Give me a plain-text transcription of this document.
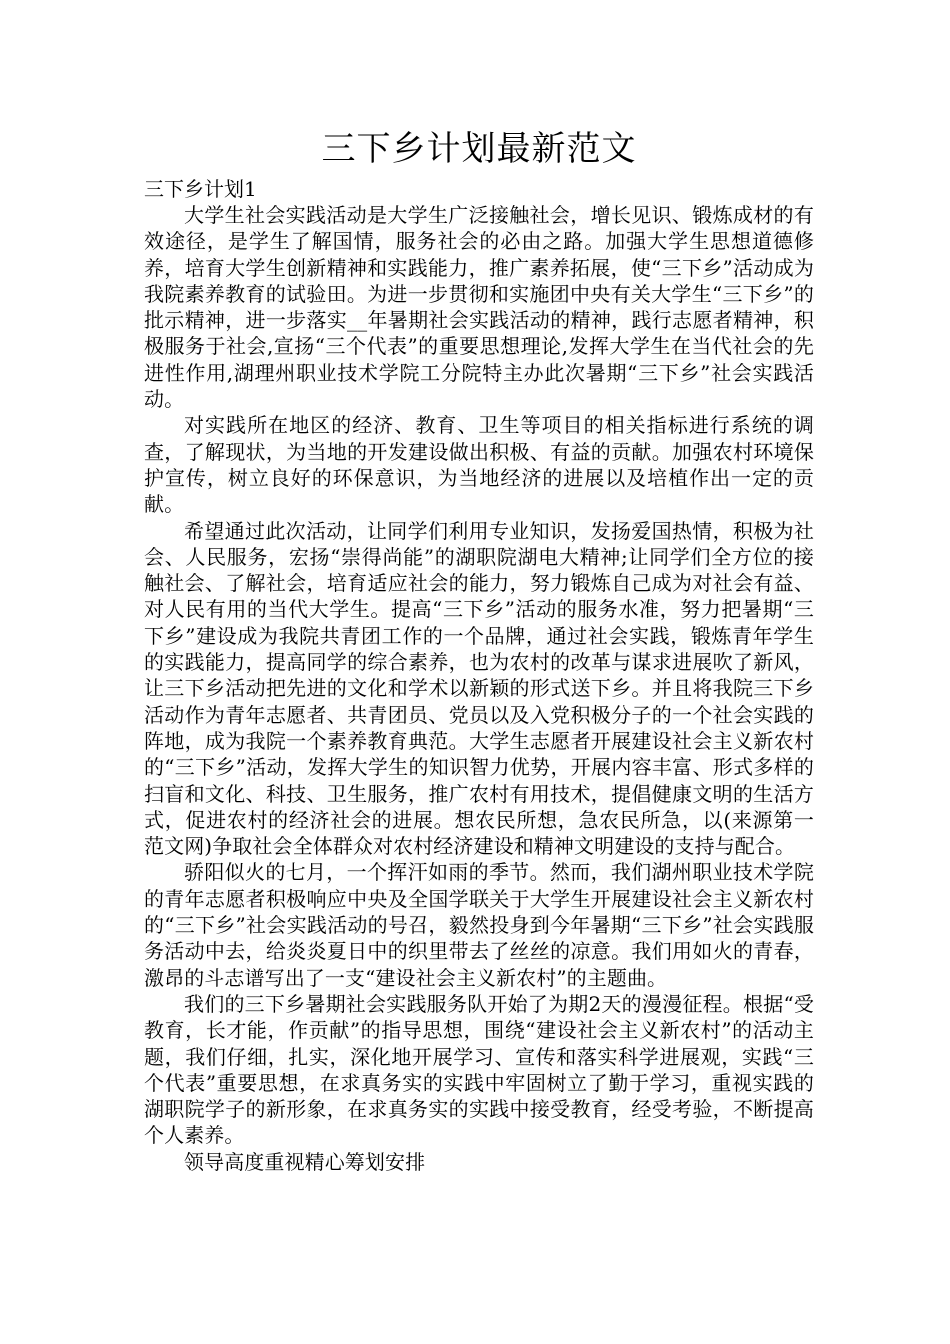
三下乡计划最新范文

三下乡计划1

大学生社会实践活动是大学生广泛接触社会，增长见识、锻炼成材的有效途径，是学生了解国情，服务社会的必由之路。加强大学生思想道德修养，培育大学生创新精神和实践能力，推广素养拓展，使“三下乡”活动成为我院素养教育的试验田。为进一步贯彻和实施团中央有关大学生“三下乡”的批示精神，进一步落实__年暑期社会实践活动的精神，践行志愿者精神，积极服务于社会,宣扬“三个代表”的重要思想理论,发挥大学生在当代社会的先进性作用,湖理州职业技术学院工分院特主办此次暑期“三下乡”社会实践活动。

对实践所在地区的经济、教育、卫生等项目的相关指标进行系统的调查，了解现状，为当地的开发建设做出积极、有益的贡献。加强农村环境保护宣传，树立良好的环保意识，为当地经济的进展以及培植作出一定的贡献。

希望通过此次活动，让同学们利用专业知识，发扬爱国热情，积极为社会、人民服务，宏扬“崇得尚能”的湖职院湖电大精神;让同学们全方位的接触社会、了解社会，培育适应社会的能力，努力锻炼自己成为对社会有益、对人民有用的当代大学生。提高“三下乡”活动的服务水准，努力把暑期“三下乡”建设成为我院共青团工作的一个品牌，通过社会实践，锻炼青年学生的实践能力，提高同学的综合素养，也为农村的改革与谋求进展吹了新风，让三下乡活动把先进的文化和学术以新颖的形式送下乡。并且将我院三下乡活动作为青年志愿者、共青团员、党员以及入党积极分子的一个社会实践的阵地，成为我院一个素养教育典范。大学生志愿者开展建设社会主义新农村的“三下乡”活动，发挥大学生的知识智力优势，开展内容丰富、形式多样的扫盲和文化、科技、卫生服务，推广农村有用技术，提倡健康文明的生活方式，促进农村的经济社会的进展。想农民所想，急农民所急，以(来源第一范文网)争取社会全体群众对农村经济建设和精神文明建设的支持与配合。

骄阳似火的七月，一个挥汗如雨的季节。然而，我们湖州职业技术学院的青年志愿者积极响应中央及全国学联关于大学生开展建设社会主义新农村的“三下乡”社会实践活动的号召，毅然投身到今年暑期“三下乡”社会实践服务活动中去，给炎炎夏日中的织里带去了丝丝的凉意。我们用如火的青春，激昂的斗志谱写出了一支“建设社会主义新农村”的主题曲。

我们的三下乡暑期社会实践服务队开始了为期2天的漫漫征程。根据“受教育，长才能，作贡献”的指导思想，围绕“建设社会主义新农村”的活动主题，我们仔细，扎实，深化地开展学习、宣传和落实科学进展观，实践“三个代表”重要思想，在求真务实的实践中牢固树立了勤于学习，重视实践的湖职院学子的新形象，在求真务实的实践中接受教育，经受考验，不断提高个人素养。

领导高度重视精心筹划安排
